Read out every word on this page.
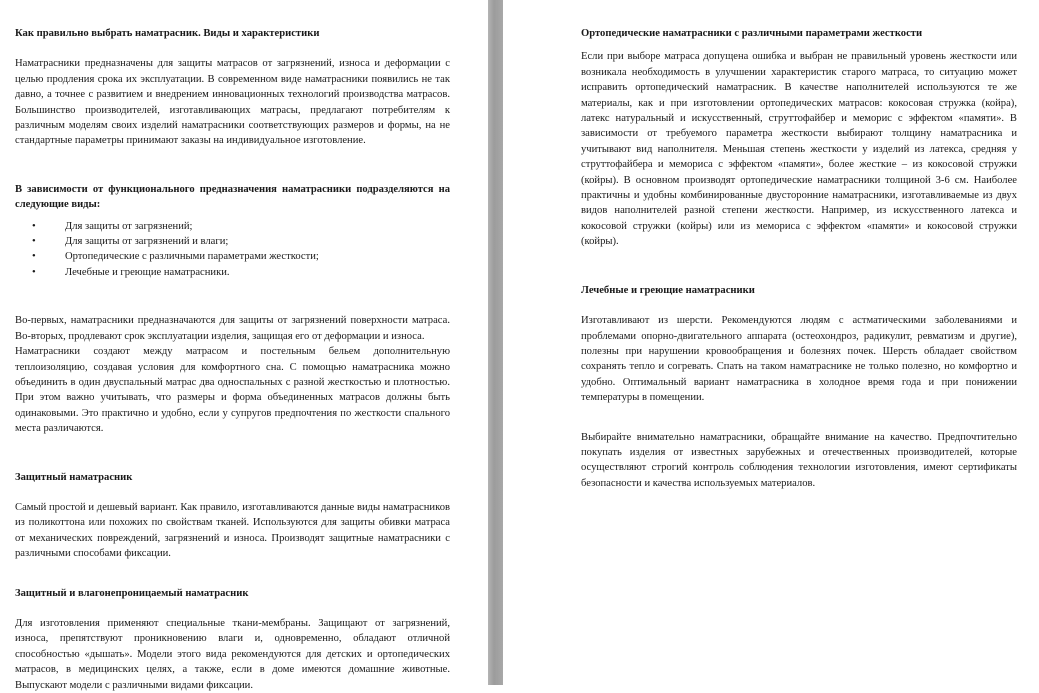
Как правильно выбрать наматрасник. Виды и характеристики

Наматрасники предназначены для защиты матрасов от загрязнений, износа и деформации с целью продления срока их эксплуатации. В современном виде наматрасники появились не так давно, а точнее с развитием и внедрением инновационных технологий производства матрасов. Большинство производителей, изготавливающих матрасы, предлагают потребителям к различным моделям своих изделий наматрасники соответствующих размеров и формы, на не стандартные параметры принимают заказы на индивидуальное изготовление.

В зависимости от функционального предназначения наматрасники подразделяются на следующие виды:
•	Для защиты от загрязнений;
•	Для защиты от загрязнений и влаги;
•	Ортопедические с различными параметрами жесткости;
•	Лечебные и греющие наматрасники.

Во-первых, наматрасники предназначаются для защиты от загрязнений поверхности матраса. Во-вторых, продлевают срок эксплуатации изделия, защищая его от деформации и износа.

Наматрасники создают между матрасом и постельным бельем дополнительную теплоизоляцию, создавая условия для комфортного сна. С помощью наматрасника можно объединить в один двуспальный матрас два односпальных с разной жесткостью и плотностью. При этом важно учитывать, что размеры и форма объединенных матрасов должны быть одинаковыми. Это практично и удобно, если у супругов предпочтения по жесткости спального места различаются.

Защитный наматрасник

Самый простой и дешевый вариант. Как правило, изготавливаются данные виды наматрасников из поликоттона или похожих по свойствам тканей. Используются для защиты обивки матраса от механических повреждений, загрязнений и износа. Производят защитные наматрасники с различными способами фиксации.

Защитный и влагонепроницаемый наматрасник

Для изготовления применяют специальные ткани-мембраны. Защищают от загрязнений, износа, препятствуют проникновению влаги и, одновременно, обладают отличной способностью «дышать». Модели этого вида рекомендуются для детских и ортопедических матрасов, в медицинских целях, а также, если в доме имеются домашние животные. Выпускают модели с различными видами фиксации.

Ортопедические наматрасники с различными параметрами жесткости

Если при выборе матраса допущена ошибка и выбран не правильный уровень жесткости или возникала необходимость в улучшении характеристик старого матраса, то ситуацию может исправить ортопедический наматрасник. В качестве наполнителей используются те же материалы, как и при изготовлении ортопедических матрасов: кокосовая стружка (койра), латекс натуральный и искусственный, струттофайбер и мемориc с эффектом «памяти». В зависимости от требуемого параметра жесткости выбирают толщину наматрасника и учитывают вид наполнителя. Меньшая степень жесткости у изделий из латекса, средняя у струттофайбера и мемориса с эффектом «памяти», более жесткие – из кокосовой стружки (койры). В основном производят ортопедические наматрасники толщиной 3-6 см. Наиболее практичны и удобны комбинированные двусторонние наматрасники, изготавливаемые из двух видов наполнителей разной степени жесткости. Например, из искусственного латекса и кокосовой стружки (койры) или из мемориса с эффектом «памяти» и кокосовой стружки (койры).

Лечебные и греющие наматрасники

Изготавливают из шерсти. Рекомендуются людям с астматическими заболеваниями и проблемами опорно-двигательного аппарата (остеохондроз, радикулит, ревматизм и другие), полезны при нарушении кровообращения и болезнях почек. Шерсть обладает свойством сохранять тепло и согревать. Спать на таком наматраснике не только полезно, но комфортно и удобно. Оптимальный вариант наматрасника в холодное время года и при понижении температуры в помещении.

Выбирайте внимательно наматрасники, обращайте внимание на качество. Предпочтительно покупать изделия от известных зарубежных и отечественных производителей, которые осуществляют строгий контроль соблюдения технологии изготовления, имеют сертификаты безопасности и качества используемых материалов.
